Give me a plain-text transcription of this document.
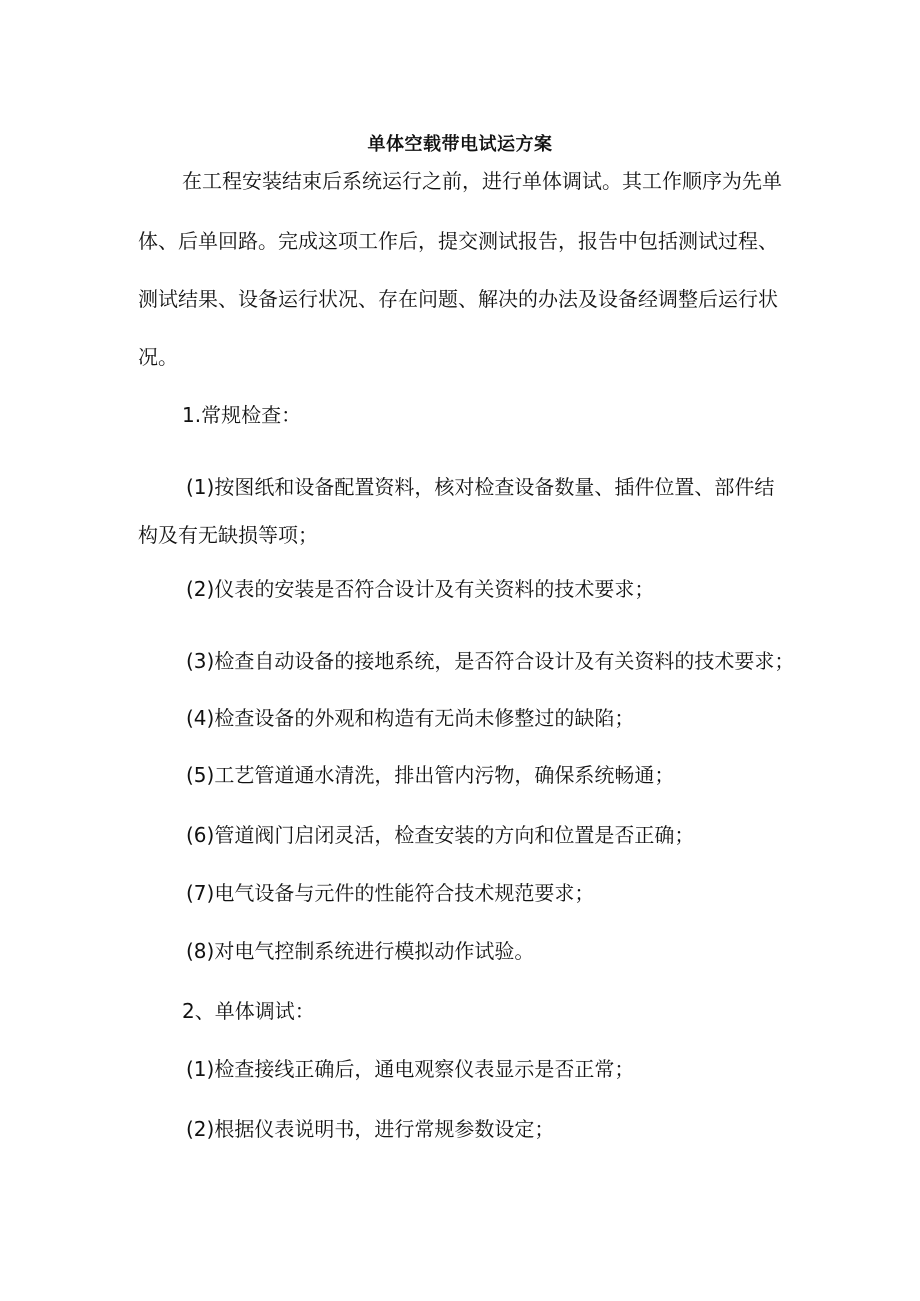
单体空载带电试运方案
在工程安装结束后系统运行之前，进行单体调试。其工作顺序为先单
体、后单回路。完成这项工作后，提交测试报告，报告中包括测试过程、
测试结果、设备运行状况、存在问题、解决的办法及设备经调整后运行状
况。
1.常规检查：
(1)按图纸和设备配置资料，核对检查设备数量、插件位置、部件结
构及有无缺损等项；
(2)仪表的安装是否符合设计及有关资料的技术要求；
(3)检查自动设备的接地系统，是否符合设计及有关资料的技术要求；
(4)检查设备的外观和构造有无尚未修整过的缺陷；
(5)工艺管道通水清洗，排出管内污物，确保系统畅通；
(6)管道阀门启闭灵活，检查安装的方向和位置是否正确；
(7)电气设备与元件的性能符合技术规范要求；
(8)对电气控制系统进行模拟动作试验。
2、单体调试：
(1)检查接线正确后，通电观察仪表显示是否正常；
(2)根据仪表说明书，进行常规参数设定；
